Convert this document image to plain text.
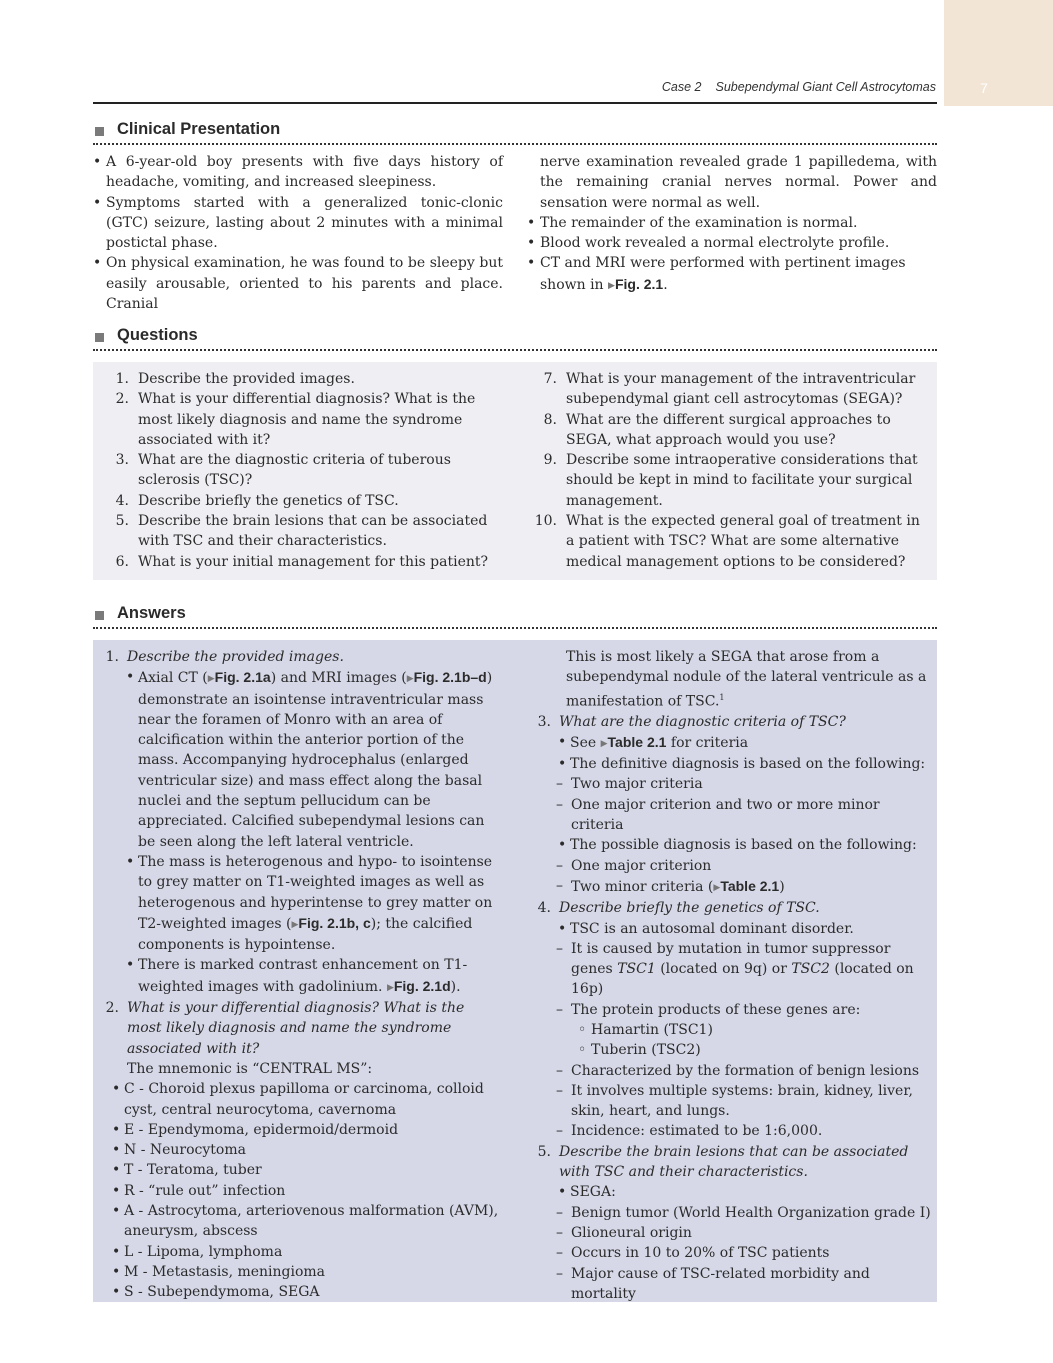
7
Case 2 Subependymal Giant Cell Astrocytomas
Clinical Presentation

• A 6-year-old boy presents with five days history of headache, vomiting, and increased sleepiness.

• Symptoms started with a generalized tonic-clonic (GTC) seizure, lasting about 2 minutes with a minimal postictal phase.

• On physical examination, he was found to be sleepy but easily arousable, oriented to his parents and place. Cranial

nerve examination revealed grade 1 papilledema, with the remaining cranial nerves normal. Power and sensation were normal as well.

• The remainder of the examination is normal.

• Blood work revealed a normal electrolyte profile.

• CT and MRI were performed with pertinent images shown in ▶Fig. 2.1.

Questions

1. Describe the provided images.

2. What is your differential diagnosis? What is the most likely diagnosis and name the syndrome associated with it?

3. What are the diagnostic criteria of tuberous sclerosis (TSC)?

4. Describe briefly the genetics of TSC.

5. Describe the brain lesions that can be associated with TSC and their characteristics.

6. What is your initial management for this patient?

7. What is your management of the intraventricular subependymal giant cell astrocytomas (SEGA)?

8. What are the different surgical approaches to SEGA, what approach would you use?

9. Describe some intraoperative considerations that should be kept in mind to facilitate your surgical management.

10. What is the expected general goal of treatment in a patient with TSC? What are some alternative medical management options to be considered?

Answers

1. Describe the provided images.

• Axial CT (▶Fig. 2.1a) and MRI images (▶Fig. 2.1b–d) demonstrate an isointense intraventricular mass near the foramen of Monro with an area of calcification within the anterior portion of the mass. Accompanying hydrocephalus (enlarged ventricular size) and mass effect along the basal nuclei and the septum pellucidum can be appreciated. Calcified subependymal lesions can be seen along the left lateral ventricle.

• The mass is heterogenous and hypo- to isointense to grey matter on T1-weighted images as well as heterogenous and hyperintense to grey matter on T2-weighted images (▶Fig. 2.1b, c); the calcified components is hypointense.

• There is marked contrast enhancement on T1-weighted images with gadolinium. ▶Fig. 2.1d).

2. What is your differential diagnosis? What is the most likely diagnosis and name the syndrome associated with it?

The mnemonic is “CENTRAL MS”:

• C - Choroid plexus papilloma or carcinoma, colloid cyst, central neurocytoma, cavernoma

• E - Ependymoma, epidermoid/dermoid

• N - Neurocytoma

• T - Teratoma, tuber

• R - “rule out” infection

• A - Astrocytoma, arteriovenous malformation (AVM), aneurysm, abscess

• L - Lipoma, lymphoma

• M - Metastasis, meningioma

• S - Subependymoma, SEGA

This is most likely a SEGA that arose from a subependymal nodule of the lateral ventricule as a manifestation of TSC.$^1$

3. What are the diagnostic criteria of TSC?

• See ▶Table 2.1 for criteria

• The definitive diagnosis is based on the following:

– Two major criteria

– One major criterion and two or more minor criteria

• The possible diagnosis is based on the following:

– One major criterion

– Two minor criteria (▶Table 2.1)

4. Describe briefly the genetics of TSC.

• TSC is an autosomal dominant disorder.

– It is caused by mutation in tumor suppressor genes TSC1 (located on 9q) or TSC2 (located on 16p)

– The protein products of these genes are:

◦ Hamartin (TSC1)

◦ Tuberin (TSC2)

– Characterized by the formation of benign lesions

– It involves multiple systems: brain, kidney, liver, skin, heart, and lungs.

– Incidence: estimated to be 1:6,000.

5. Describe the brain lesions that can be associated with TSC and their characteristics.

• SEGA:

– Benign tumor (World Health Organization grade I)

– Glioneural origin

– Occurs in 10 to 20% of TSC patients

– Major cause of TSC-related morbidity and mortality
